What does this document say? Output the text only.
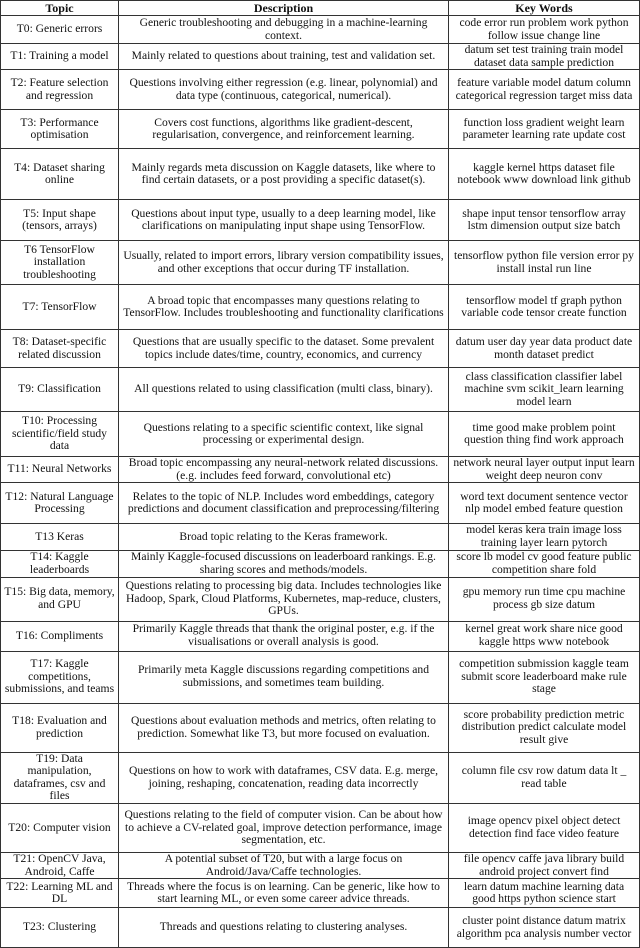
Topic	Description	Key Words
T0: Generic errors	Generic troubleshooting and debugging in a machine-learning context.	code error run problem work python follow issue change line
T1: Training a model	Mainly related to questions about training, test and validation set.	datum set test training train model dataset data sample prediction
T2: Feature selection and regression	Questions involving either regression (e.g. linear, polynomial) and data type (continuous, categorical, numerical).	feature variable model datum column categorical regression target miss data
T3: Performance optimisation	Covers cost functions, algorithms like gradient-descent, regularisation, convergence, and reinforcement learning.	function loss gradient weight learn parameter learning rate update cost
T4: Dataset sharing online	Mainly regards meta discussion on Kaggle datasets, like where to find certain datasets, or a post providing a specific dataset(s).	kaggle kernel https dataset file notebook www download link github
T5: Input shape (tensors, arrays)	Questions about input type, usually to a deep learning model, like clarifications on manipulating input shape using TensorFlow.	shape input tensor tensorflow array lstm dimension output size batch
T6 TensorFlow installation troubleshooting	Usually, related to import errors, library version compatibility issues, and other exceptions that occur during TF installation.	tensorflow python file version error py install instal run line
T7: TensorFlow	A broad topic that encompasses many questions relating to TensorFlow. Includes troubleshooting and functionality clarifications	tensorflow model tf graph python variable code tensor create function
T8: Dataset-specific related discussion	Questions that are usually specific to the dataset. Some prevalent topics include dates/time, country, economics, and currency	datum user day year data product date month dataset predict
T9: Classification	All questions related to using classification (multi class, binary).	class classification classifier label machine svm scikit_learn learning model learn
T10: Processing scientific/field study data	Questions relating to a specific scientific context, like signal processing or experimental design.	time good make problem point question thing find work approach
T11: Neural Networks	Broad topic encompassing any neural-network related discussions. (e.g. includes feed forward, convolutional etc)	network neural layer output input learn weight deep neuron conv
T12: Natural Language Processing	Relates to the topic of NLP. Includes word embeddings, category predictions and document classification and preprocessing/filtering	word text document sentence vector nlp model embed feature question
T13 Keras	Broad topic relating to the Keras framework.	model keras kera train image loss training layer learn pytorch
T14: Kaggle leaderboards	Mainly Kaggle-focused discussions on leaderboard rankings. E.g. sharing scores and methods/models.	score lb model cv good feature public competition share fold
T15: Big data, memory, and GPU	Questions relating to processing big data. Includes technologies like Hadoop, Spark, Cloud Platforms, Kubernetes, map-reduce, clusters, GPUs.	gpu memory run time cpu machine process gb size datum
T16: Compliments	Primarily Kaggle threads that thank the original poster, e.g. if the visualisations or overall analysis is good.	kernel great work share nice good kaggle https www notebook
T17: Kaggle competitions, submissions, and teams	Primarily meta Kaggle discussions regarding competitions and submissions, and sometimes team building.	competition submission kaggle team submit score leaderboard make rule stage
T18: Evaluation and prediction	Questions about evaluation methods and metrics, often relating to prediction. Somewhat like T3, but more focused on evaluation.	score probability prediction metric distribution predict calculate model result give
T19: Data manipulation, dataframes, csv and files	Questions on how to work with dataframes, CSV data. E.g. merge, joining, reshaping, concatenation, reading data incorrectly	column file csv row datum data lt _ read table
T20: Computer vision	Questions relating to the field of computer vision. Can be about how to achieve a CV-related goal, improve detection performance, image segmentation, etc.	image opencv pixel object detect detection find face video feature
T21: OpenCV Java, Android, Caffe	A potential subset of T20, but with a large focus on Android/Java/Caffe technologies.	file opencv caffe java library build android project convert find
T22: Learning ML and DL	Threads where the focus is on learning. Can be generic, like how to start learning ML, or even some career advice threads.	learn datum machine learning data good https python science start
T23: Clustering	Threads and questions relating to clustering analyses.	cluster point distance datum matrix algorithm pca analysis number vector
